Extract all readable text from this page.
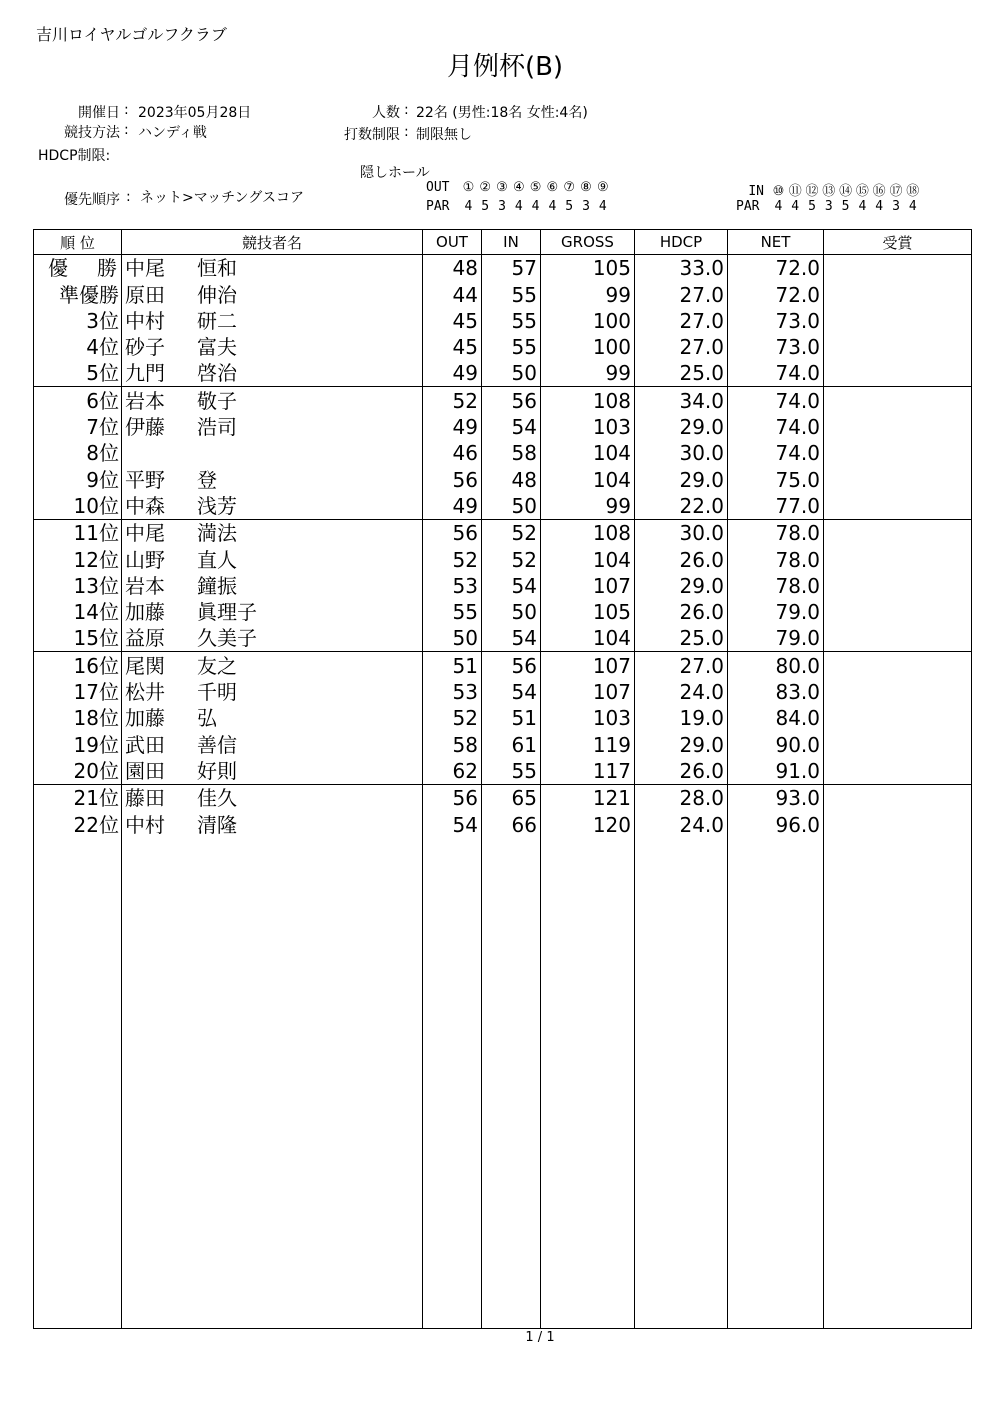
吉川ロイヤルゴルフクラブ
月例杯(B)
開催日 : 2023年05月28日
競技方法 : ハンディ戦
HDCP制限:
優先順序 : ネット>マッチングスコア
人数 : 22名 (男性:18名 女性:4名)
打数制限 : 制限無し
隠しホール
OUT ① ② ③ ④ ⑤ ⑥ ⑦ ⑧ ⑨
PAR 4 5 3 4 4 4 5 3 4
IN ⑩ ⑪ ⑫ ⑬ ⑭ ⑮ ⑯ ⑰ ⑱
PAR 4 4 5 3 5 4 4 3 4
順 位	競技者名	OUT	IN	GROSS	HDCP	NET	受賞
優 勝	中尾 恒和	48	57	105	33.0	72.0	
準優勝	原田 伸治	44	55	99	27.0	72.0	
3位	中村 研二	45	55	100	27.0	73.0	
4位	砂子 富夫	45	55	100	27.0	73.0	
5位	九門 啓治	49	50	99	25.0	74.0	
6位	岩本 敬子	52	56	108	34.0	74.0	
7位	伊藤 浩司	49	54	103	29.0	74.0	
8位		46	58	104	30.0	74.0	
9位	平野 登	56	48	104	29.0	75.0	
10位	中森 浅芳	49	50	99	22.0	77.0	
11位	中尾 満法	56	52	108	30.0	78.0	
12位	山野 直人	52	52	104	26.0	78.0	
13位	岩本 鐘振	53	54	107	29.0	78.0	
14位	加藤 眞理子	55	50	105	26.0	79.0	
15位	益原 久美子	50	54	104	25.0	79.0	
16位	尾関 友之	51	56	107	27.0	80.0	
17位	松井 千明	53	54	107	24.0	83.0	
18位	加藤 弘	52	51	103	19.0	84.0	
19位	武田 善信	58	61	119	29.0	90.0	
20位	園田 好則	62	55	117	26.0	91.0	
21位	藤田 佳久	56	65	121	28.0	93.0	
22位	中村 清隆	54	66	120	24.0	96.0	

1 / 1
